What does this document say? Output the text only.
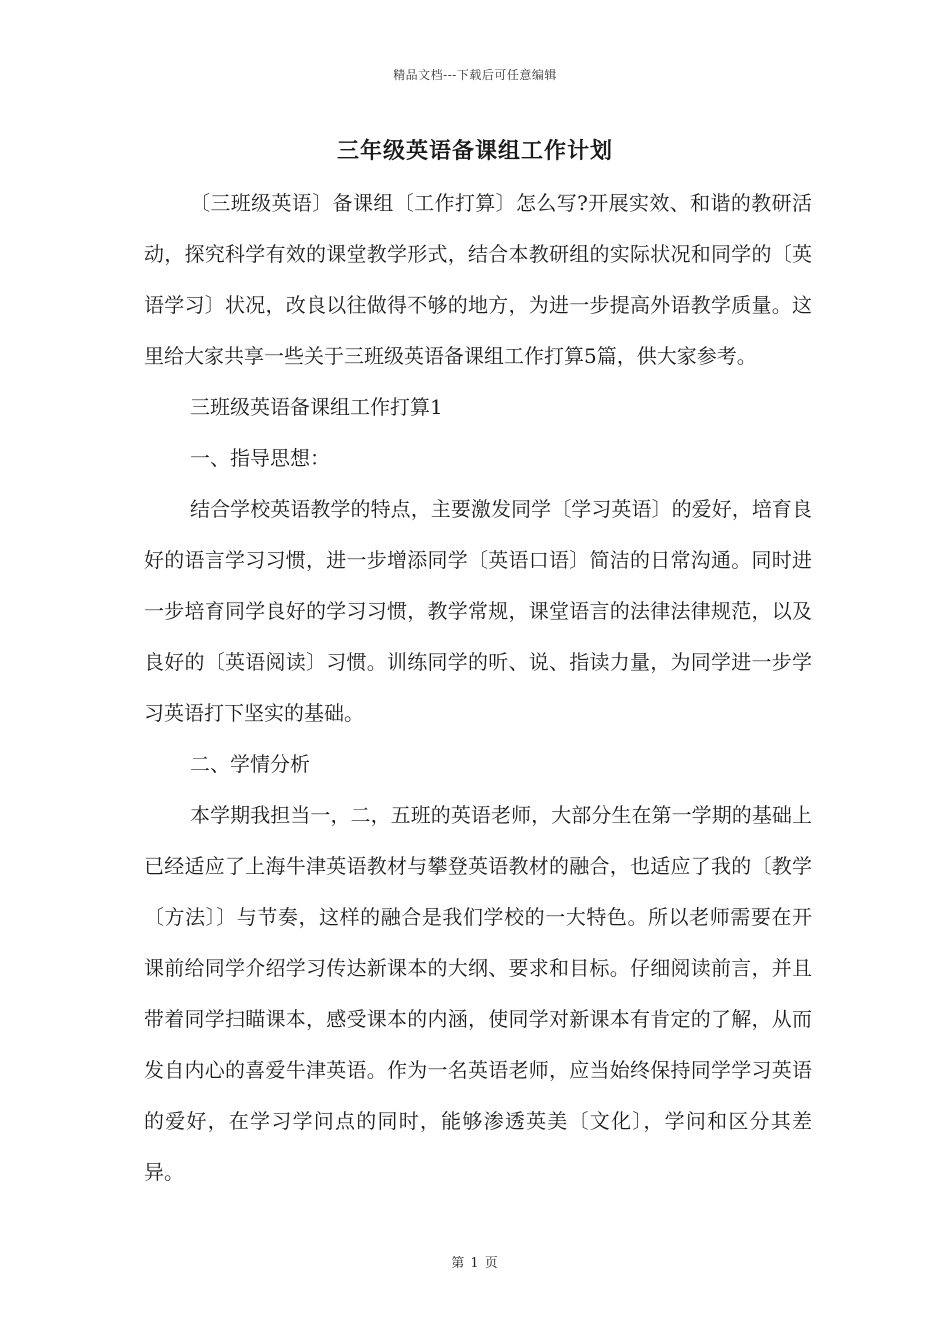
精品文档---下载后可任意编辑
三年级英语备课组工作计划

〔三班级英语〕备课组〔工作打算〕怎么写?开展实效、和谐的教研活动，探究科学有效的课堂教学形式，结合本教研组的实际状况和同学的〔英语学习〕状况，改良以往做得不够的地方，为进一步提高外语教学质量。这里给大家共享一些关于三班级英语备课组工作打算5篇，供大家参考。

三班级英语备课组工作打算1

一、指导思想：

结合学校英语教学的特点，主要激发同学〔学习英语〕的爱好，培育良好的语言学习习惯，进一步增添同学〔英语口语〕简洁的日常沟通。同时进一步培育同学良好的学习习惯，教学常规，课堂语言的法律法律规范，以及良好的〔英语阅读〕习惯。训练同学的听、说、指读力量，为同学进一步学习英语打下坚实的基础。

二、学情分析

本学期我担当一，二，五班的英语老师，大部分生在第一学期的基础上已经适应了上海牛津英语教材与攀登英语教材的融合，也适应了我的〔教学〔方法〕〕与节奏，这样的融合是我们学校的一大特色。所以老师需要在开课前给同学介绍学习传达新课本的大纲、要求和目标。仔细阅读前言，并且带着同学扫瞄课本，感受课本的内涵，使同学对新课本有肯定的了解，从而发自内心的喜爱牛津英语。作为一名英语老师，应当始终保持同学学习英语的爱好，在学习学问点的同时，能够渗透英美〔文化〕，学问和区分其差异。

第 1 页
